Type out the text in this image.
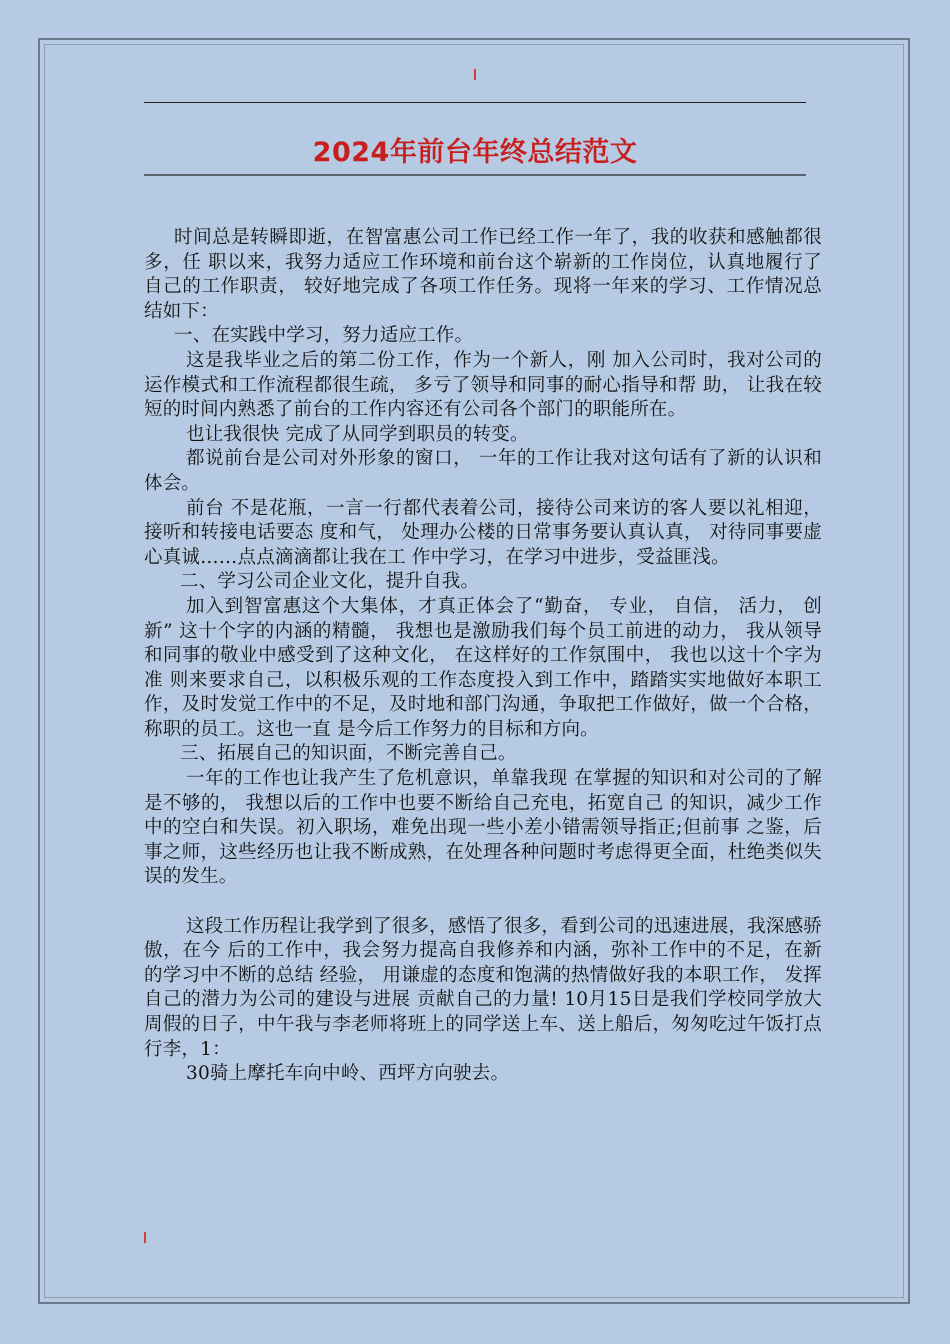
2024年前台年终总结范文

时间总是转瞬即逝，在智富惠公司工作已经工作一年了，我的收获和感触都很多，任 职以来，我努力适应工作环境和前台这个崭新的工作岗位，认真地履行了自己的工作职责， 较好地完成了各项工作任务。现将一年来的学习、工作情况总结如下：

一、在实践中学习，努力适应工作。

这是我毕业之后的第二份工作，作为一个新人，刚 加入公司时，我对公司的运作模式和工作流程都很生疏， 多亏了领导和同事的耐心指导和帮 助， 让我在较短的时间内熟悉了前台的工作内容还有公司各个部门的职能所在。

也让我很快 完成了从同学到职员的转变。

都说前台是公司对外形象的窗口， 一年的工作让我对这句话有了新的认识和体会。

前台 不是花瓶，一言一行都代表着公司，接待公司来访的客人要以礼相迎，接听和转接电话要态 度和气， 处理办公楼的日常事务要认真认真， 对待同事要虚心真诚……点点滴滴都让我在工 作中学习，在学习中进步，受益匪浅。

二、学习公司企业文化，提升自我。

加入到智富惠这个大集体，才真正体会了“勤奋， 专业， 自信， 活力， 创新” 这十个字的内涵的精髓， 我想也是激励我们每个员工前进的动力， 我从领导和同事的敬业中感受到了这种文化， 在这样好的工作氛围中， 我也以这十个字为准 则来要求自己，以积极乐观的工作态度投入到工作中，踏踏实实地做好本职工作，及时发觉工作中的不足，及时地和部门沟通，争取把工作做好，做一个合格，称职的员工。这也一直 是今后工作努力的目标和方向。

三、拓展自己的知识面，不断完善自己。

一年的工作也让我产生了危机意识，单靠我现 在掌握的知识和对公司的了解是不够的， 我想以后的工作中也要不断给自己充电，拓宽自己 的知识，减少工作中的空白和失误。初入职场，难免出现一些小差小错需领导指正;但前事 之鉴，后事之师，这些经历也让我不断成熟，在处理各种问题时考虑得更全面，杜绝类似失 误的发生。

这段工作历程让我学到了很多，感悟了很多，看到公司的迅速进展，我深感骄傲，在今 后的工作中，我会努力提高自我修养和内涵，弥补工作中的不足，在新的学习中不断的总结 经验， 用谦虚的态度和饱满的热情做好我的本职工作， 发挥自己的潜力为公司的建设与进展 贡献自己的力量! 10月15日是我们学校同学放大周假的日子，中午我与李老师将班上的同学送上车、送上船后，匆匆吃过午饭打点行李，1：

30骑上摩托车向中岭、西坪方向驶去。
